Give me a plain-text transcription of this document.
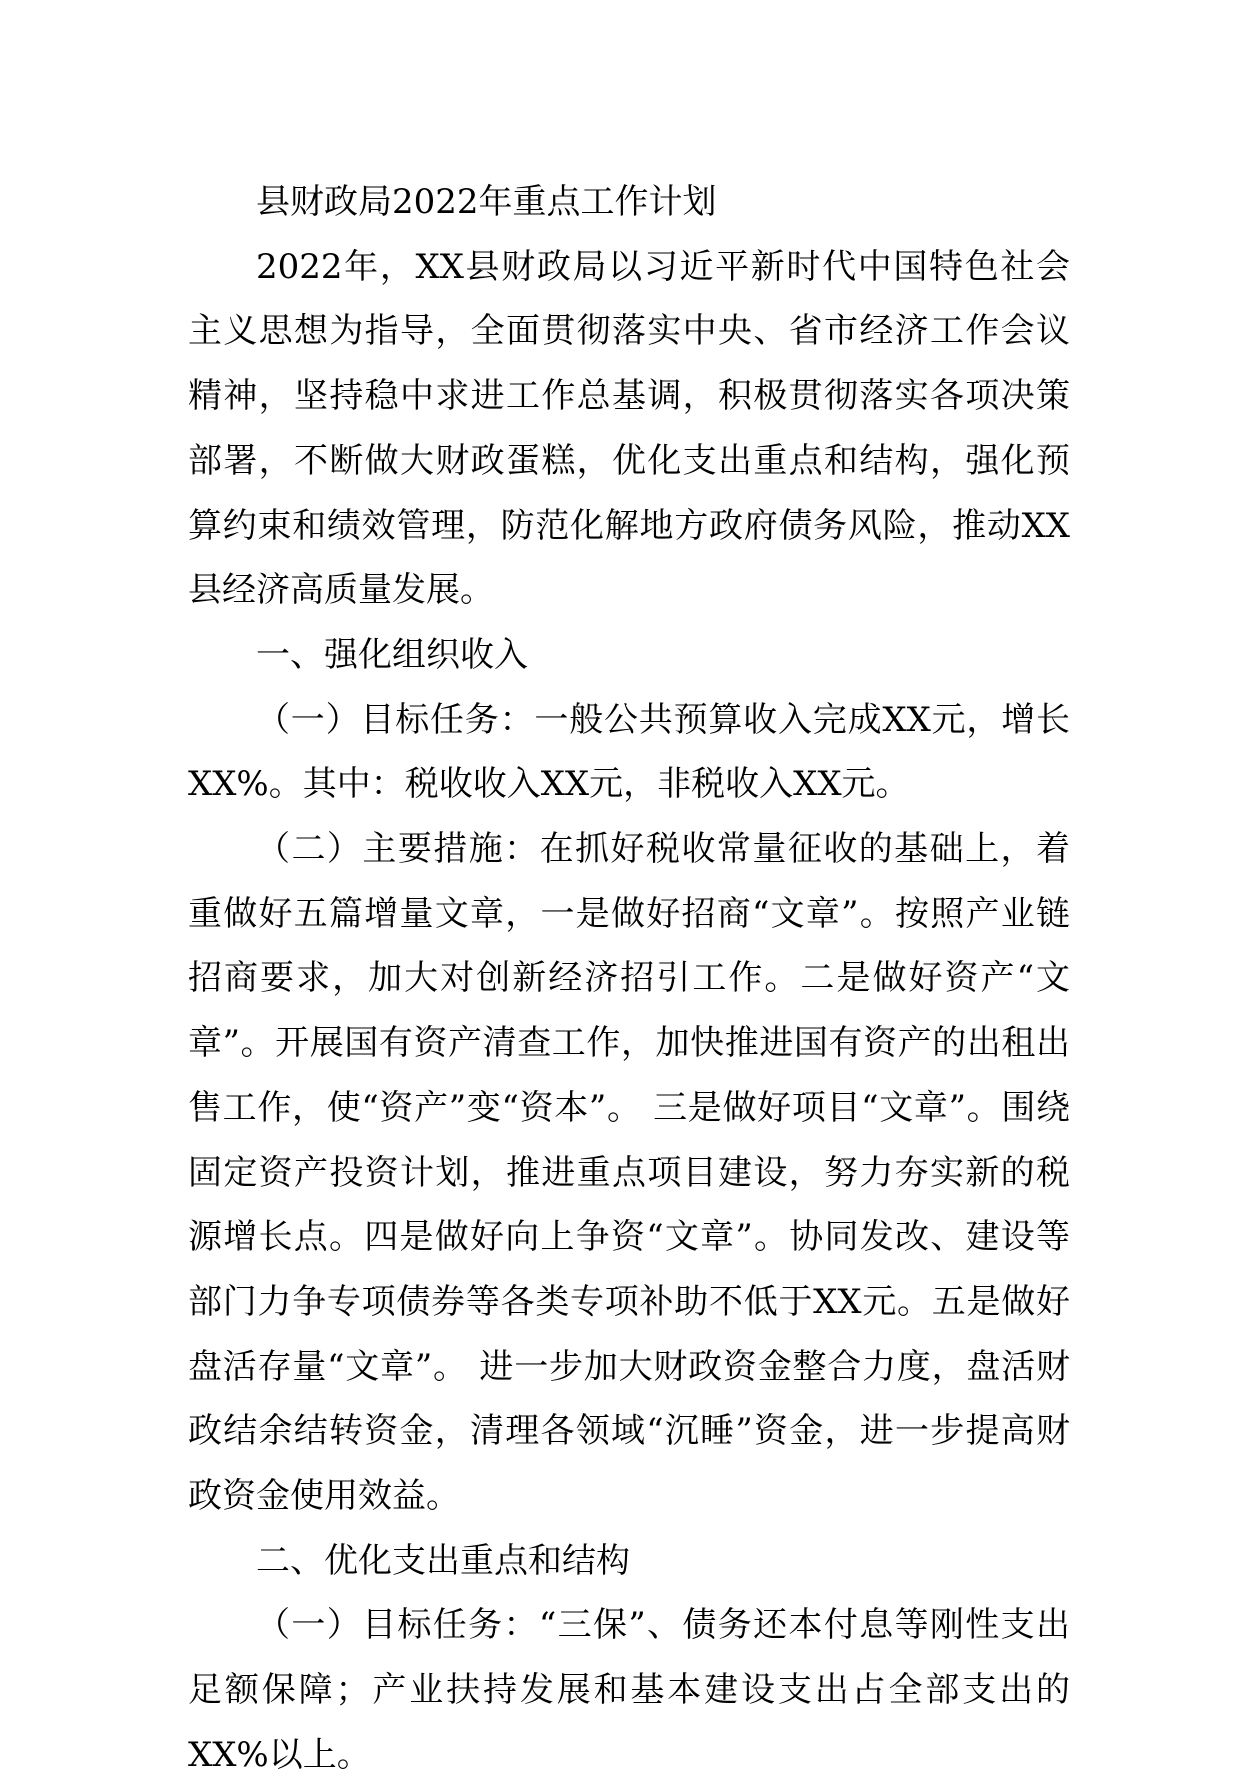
县财政局2022年重点工作计划

2022年，XX县财政局以习近平新时代中国特色社会主义思想为指导，全面贯彻落实中央、省市经济工作会议精神，坚持稳中求进工作总基调，积极贯彻落实各项决策部署，不断做大财政蛋糕，优化支出重点和结构，强化预算约束和绩效管理，防范化解地方政府债务风险，推动XX县经济高质量发展。

一、强化组织收入

（一）目标任务：一般公共预算收入完成XX元，增长XX%。其中：税收收入XX元，非税收入XX元。

（二）主要措施：在抓好税收常量征收的基础上，着重做好五篇增量文章，一是做好招商“文章”。按照产业链招商要求，加大对创新经济招引工作。二是做好资产“文章”。开展国有资产清查工作，加快推进国有资产的出租出售工作，使“资产”变“资本”。 三是做好项目“文章”。围绕固定资产投资计划，推进重点项目建设，努力夯实新的税源增长点。四是做好向上争资“文章”。协同发改、建设等部门力争专项债券等各类专项补助不低于XX元。五是做好盘活存量“文章”。 进一步加大财政资金整合力度，盘活财政结余结转资金，清理各领域“沉睡”资金，进一步提高财政资金使用效益。

二、优化支出重点和结构

（一）目标任务：“三保”、债务还本付息等刚性支出足额保障；产业扶持发展和基本建设支出占全部支出的XX%以上。
